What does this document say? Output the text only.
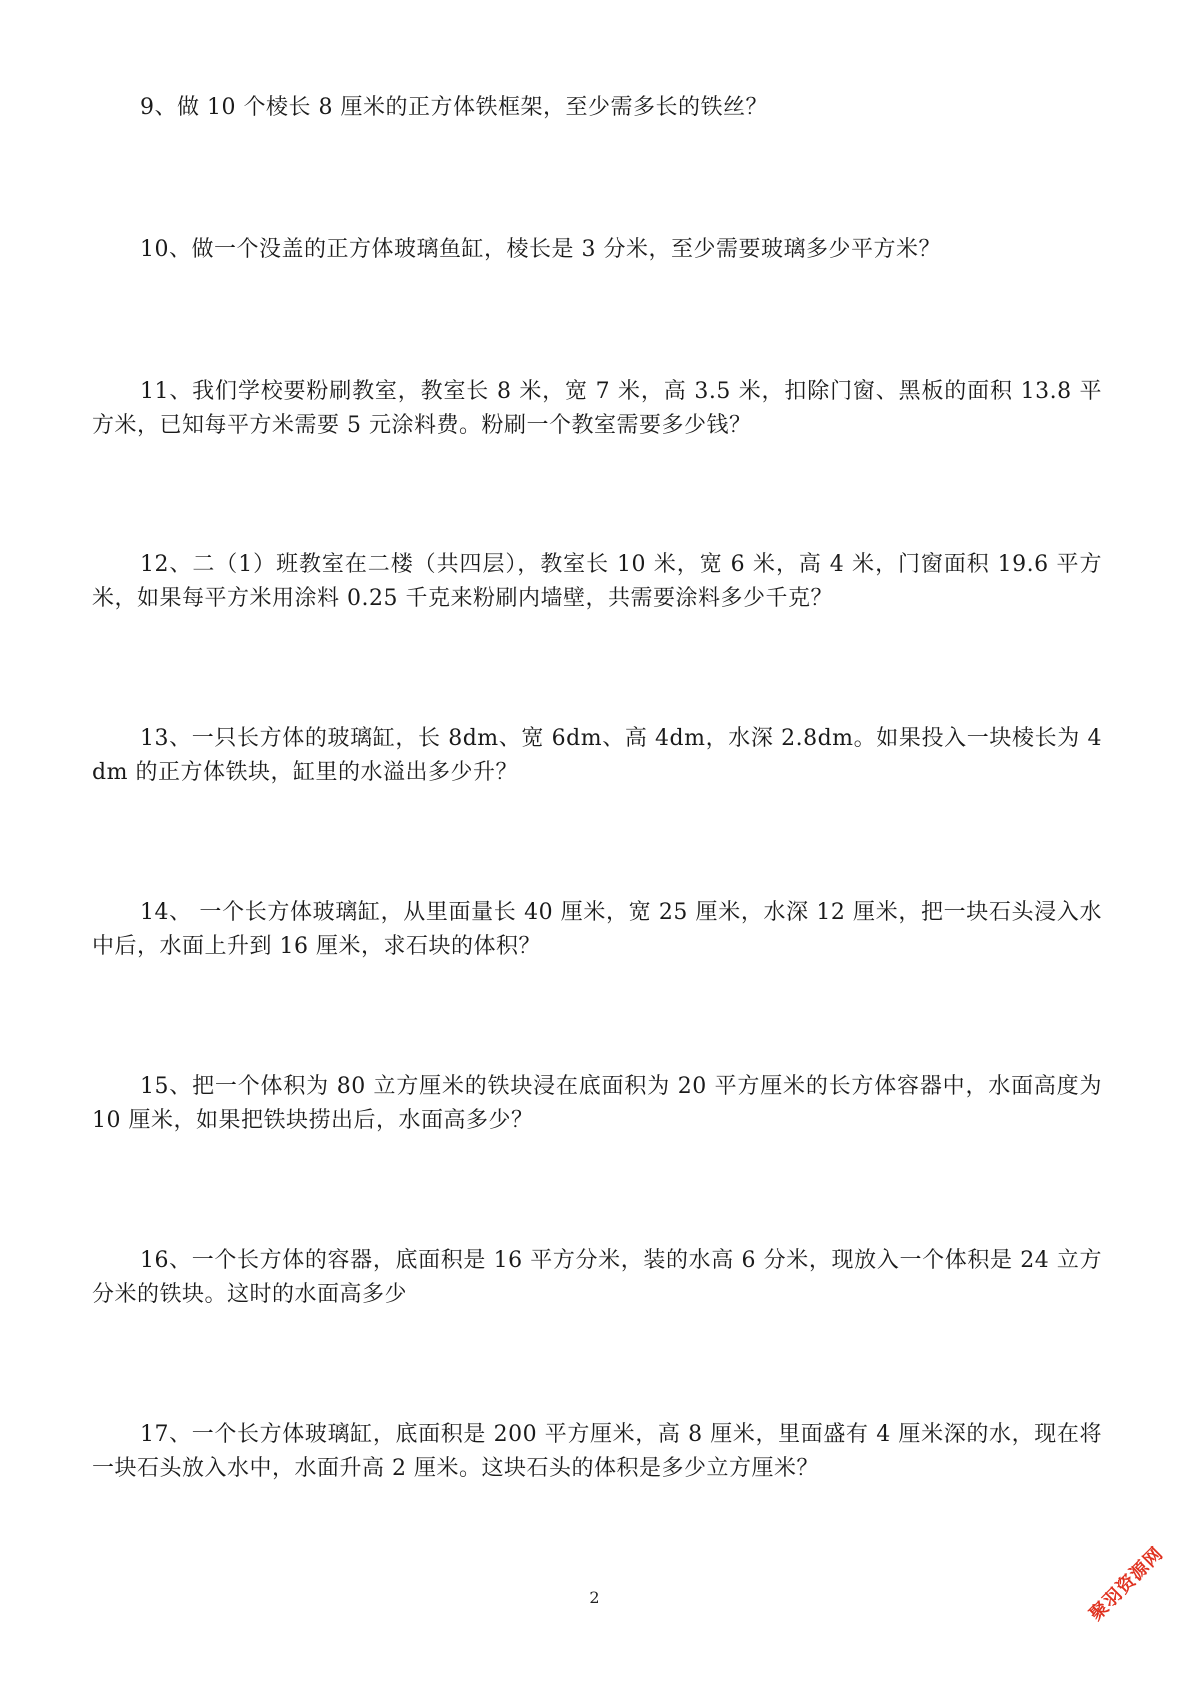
9、做 10 个棱长 8 厘米的正方体铁框架，至少需多长的铁丝？

10、做一个没盖的正方体玻璃鱼缸，棱长是 3 分米，至少需要玻璃多少平方米？

11、我们学校要粉刷教室，教室长 8 米，宽 7 米，高 3.5 米，扣除门窗、黑板的面积 13.8 平方米，已知每平方米需要 5 元涂料费。粉刷一个教室需要多少钱？

12、二（1）班教室在二楼（共四层），教室长 10 米，宽 6 米，高 4 米，门窗面积 19.6 平方米，如果每平方米用涂料 0.25 千克来粉刷内墙壁，共需要涂料多少千克？

13、一只长方体的玻璃缸，长 8dm、宽 6dm、高 4dm，水深 2.8dm。如果投入一块棱长为 4dm 的正方体铁块，缸里的水溢出多少升？

14、 一个长方体玻璃缸，从里面量长 40 厘米，宽 25 厘米，水深 12 厘米，把一块石头浸入水中后，水面上升到 16 厘米，求石块的体积？

15、把一个体积为 80 立方厘米的铁块浸在底面积为 20 平方厘米的长方体容器中，水面高度为 10 厘米，如果把铁块捞出后，水面高多少？

16、一个长方体的容器，底面积是 16 平方分米，装的水高 6 分米，现放入一个体积是 24 立方分米的铁块。这时的水面高多少

17、一个长方体玻璃缸，底面积是 200 平方厘米，高 8 厘米，里面盛有 4 厘米深的水，现在将一块石头放入水中，水面升高 2 厘米。这块石头的体积是多少立方厘米？

2	聚羽资源网
